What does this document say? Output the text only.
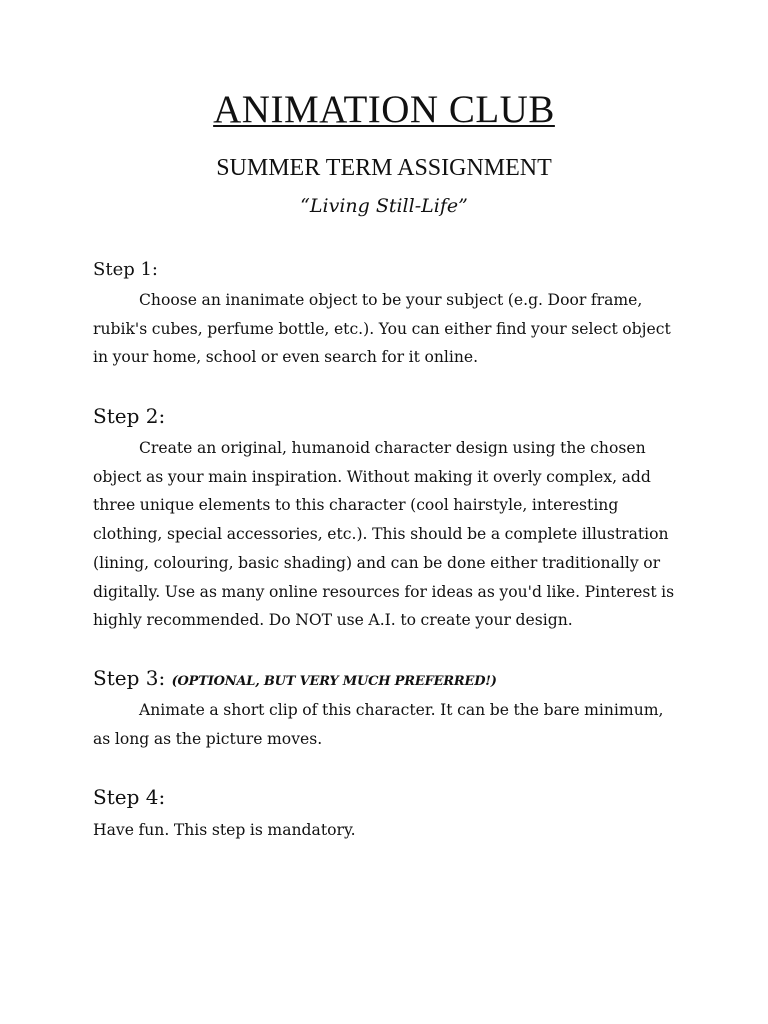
ANIMATION CLUB
SUMMER TERM ASSIGNMENT
“Living Still-Life”
Step 1:
Choose an inanimate object to be your subject (e.g. Door frame, rubik's cubes, perfume bottle, etc.). You can either find your select object in your home, school or even search for it online.
Step 2:
Create an original, humanoid character design using the chosen object as your main inspiration. Without making it overly complex, add three unique elements to this character (cool hairstyle, interesting clothing, special accessories, etc.). This should be a complete illustration (lining, colouring, basic shading) and can be done either traditionally or digitally. Use as many online resources for ideas as you'd like. Pinterest is highly recommended. Do NOT use A.I. to create your design.
Step 3: (OPTIONAL, BUT VERY MUCH PREFERRED!)
Animate a short clip of this character. It can be the bare minimum, as long as the picture moves.
Step 4:
Have fun. This step is mandatory.
